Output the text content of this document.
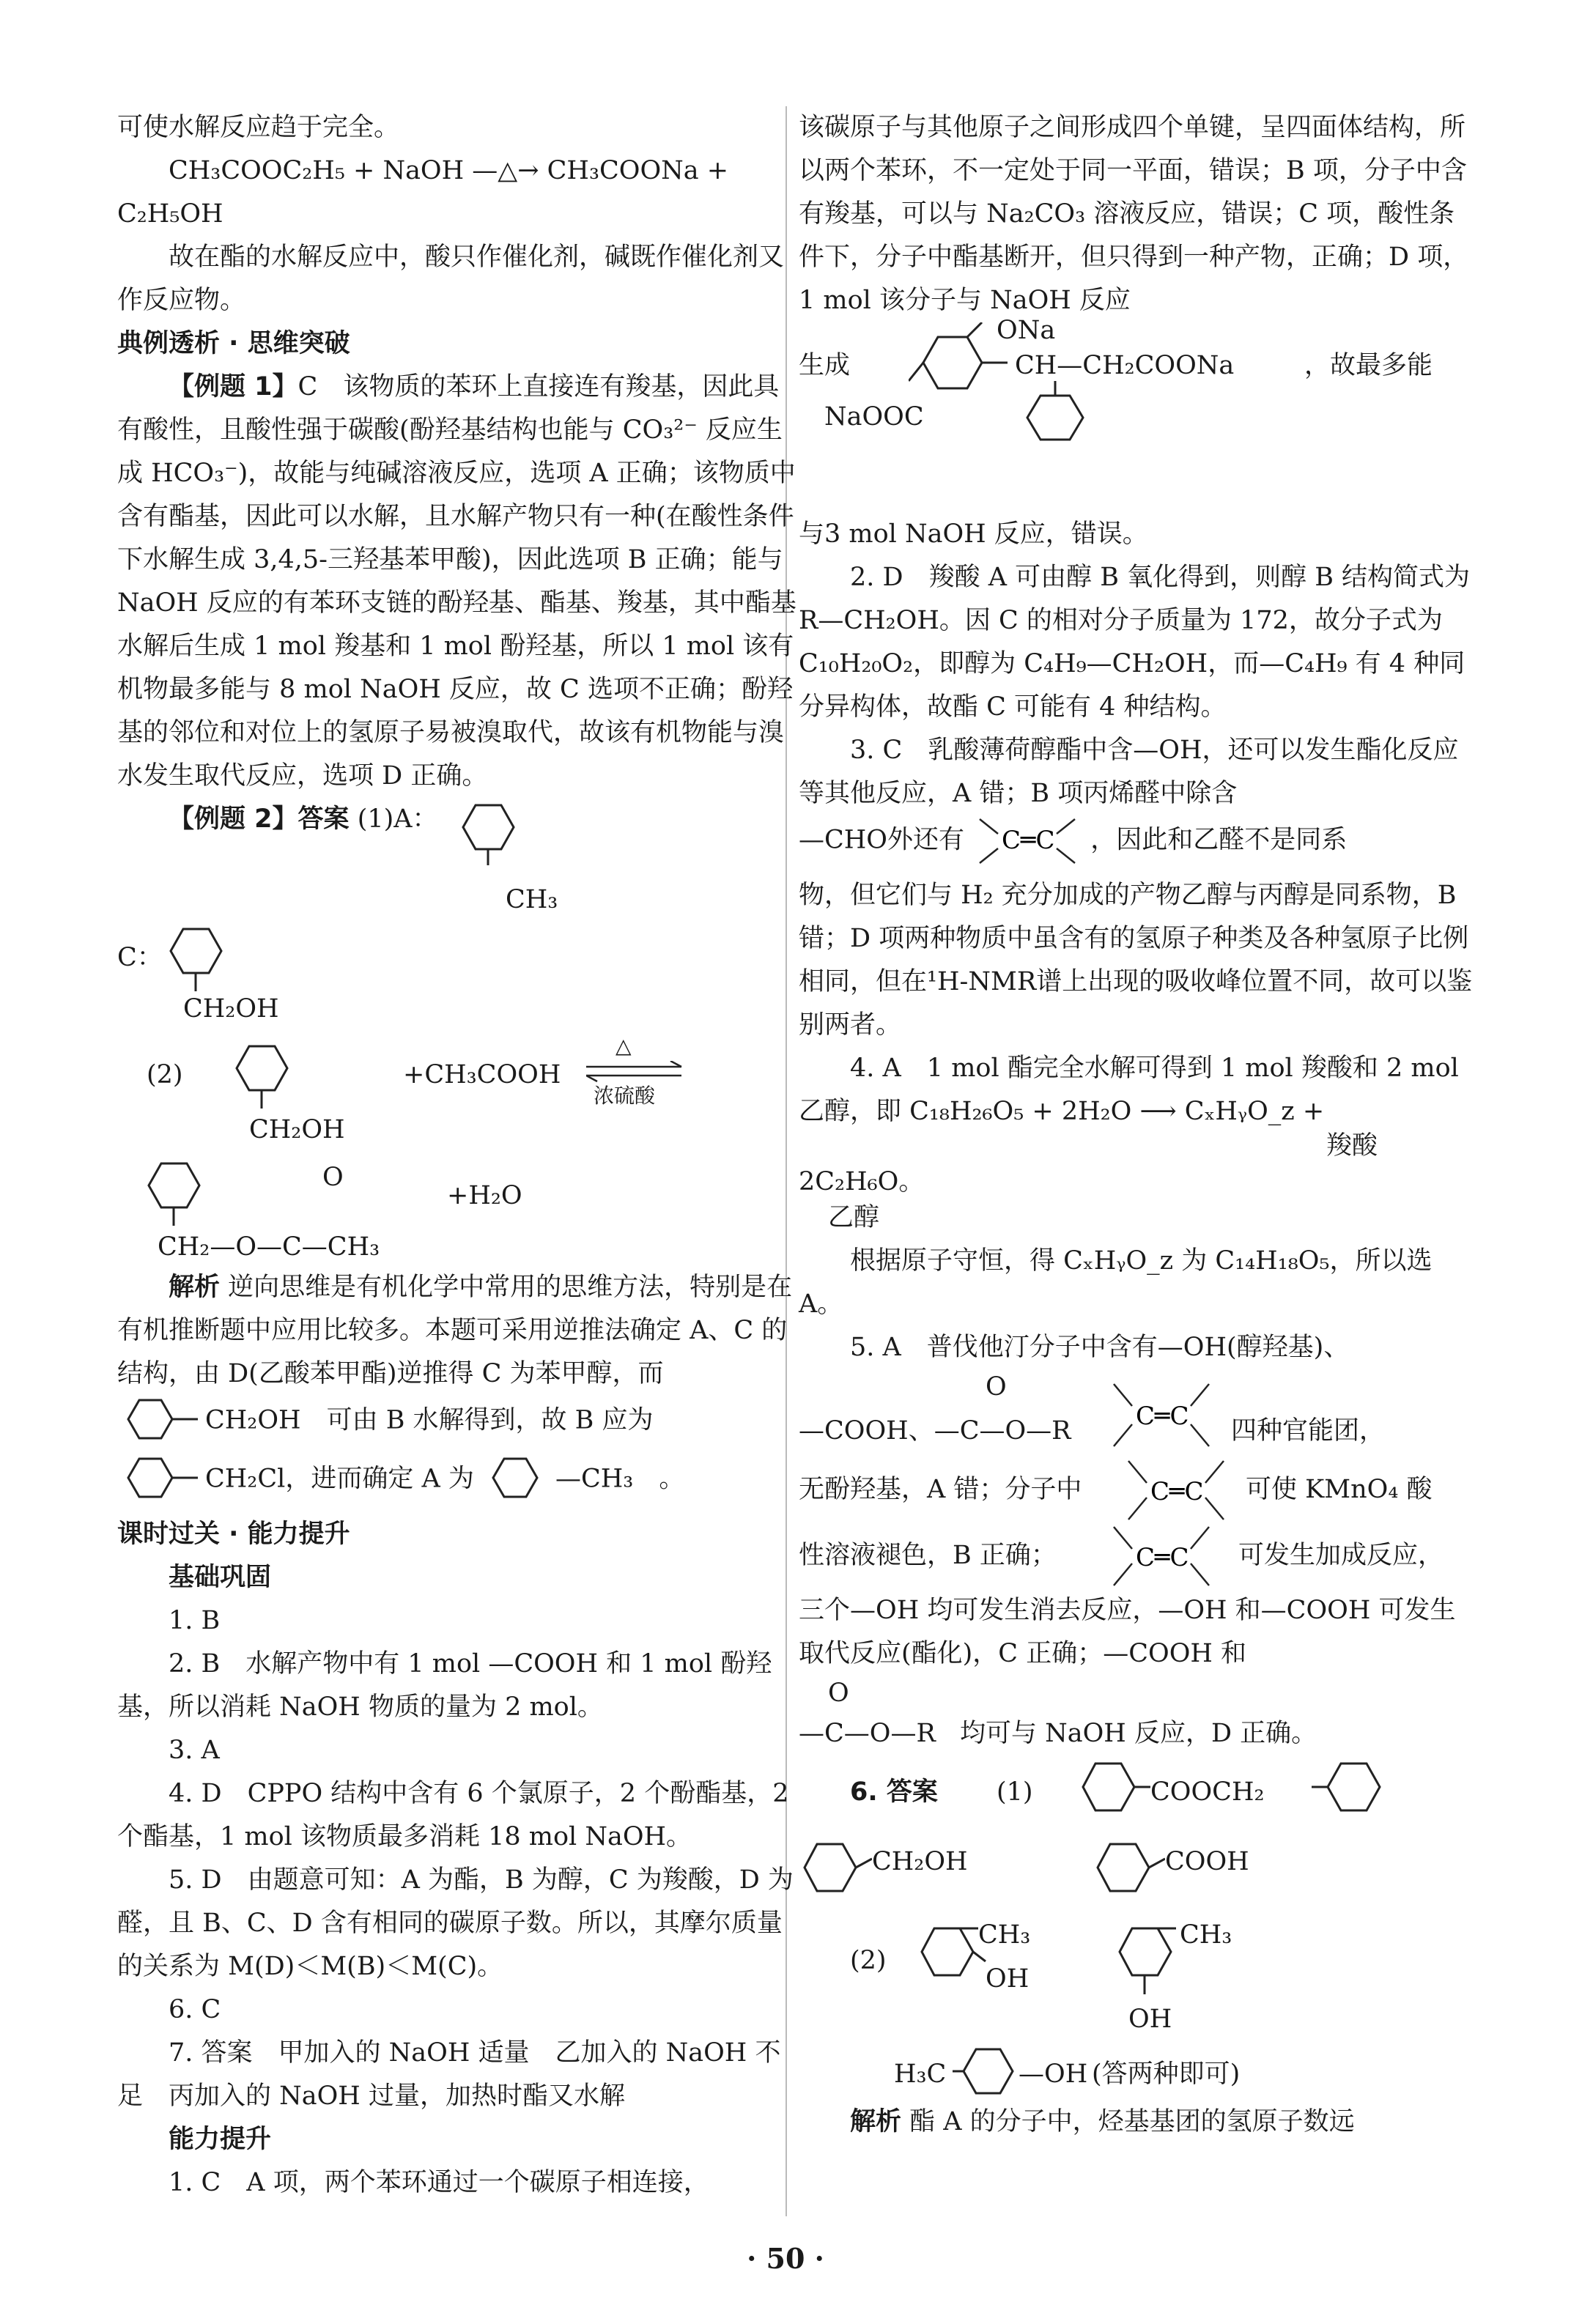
可使水解反应趋于完全。

CH₃COOC₂H₅ + NaOH —△→ CH₃COONa +

C₂H₅OH

故在酯的水解反应中，酸只作催化剂，碱既作催化剂又作反应物。

典例透析 · 思维突破

【例题 1】C　该物质的苯环上直接连有羧基，因此具有酸性，且酸性强于碳酸(酚羟基结构也能与 CO₃²⁻ 反应生成 HCO₃⁻)，故能与纯碱溶液反应，选项 A 正确；该物质中含有酯基，因此可以水解，且水解产物只有一种(在酸性条件下水解生成 3,4,5-三羟基苯甲酸)，因此选项 B 正确；能与 NaOH 反应的有苯环支链的酚羟基、酯基、羧基，其中酯基水解后生成 1 mol 羧基和 1 mol 酚羟基，所以 1 mol 该有机物最多能与 8 mol NaOH 反应，故 C 选项不正确；酚羟基的邻位和对位上的氢原子易被溴取代，故该有机物能与溴水发生取代反应，选项 D 正确。

【例题 2】答案 (1)A：

CH₃

C：
CH₂OH
(2)
CH₂OH
+CH₃COOH
△
浓硫酸
O
CH₂—O—C—CH₃
+H₂O

解析 逆向思维是有机化学中常用的思维方法，特别是在有机推断题中应用比较多。本题可采用逆推法确定 A、C 的结构，由 D(乙酸苯甲酯)逆推得 C 为苯甲醇，而

CH₂OH　 可由 B 水解得到，故 B 应为

CH₂Cl，进而确定 A 为	—CH₃　 。

课时过关 · 能力提升

基础巩固

1. B

2. B　水解产物中有 1 mol —COOH 和 1 mol 酚羟基，所以消耗 NaOH 物质的量为 2 mol。

3. A

4. D　CPPO 结构中含有 6 个氯原子，2 个酚酯基，2 个酯基，1 mol 该物质最多消耗 18 mol NaOH。

5. D　由题意可知：A 为酯，B 为醇，C 为羧酸，D 为醛，且 B、C、D 含有相同的碳原子数。所以，其摩尔质量的关系为 M(D)＜M(B)＜M(C)。

6. C

7. 答案　甲加入的 NaOH 适量　乙加入的 NaOH 不足　丙加入的 NaOH 过量，加热时酯又水解

能力提升

1. C　A 项，两个苯环通过一个碳原子相连接，

该碳原子与其他原子之间形成四个单键，呈四面体结构，所以两个苯环，不一定处于同一平面，错误；B 项，分子中含有羧基，可以与 Na₂CO₃ 溶液反应，错误；C 项，酸性条件下，分子中酯基断开，但只得到一种产物，正确；D 项，1 mol 该分子与 NaOH 反应

生成
ONa
CH—CH₂COONa
NaOOC
，故最多能

与3 mol NaOH 反应，错误。

2. D　羧酸 A 可由醇 B 氧化得到，则醇 B 结构简式为R—CH₂OH。因 C 的相对分子质量为 172，故分子式为 C₁₀H₂₀O₂，即醇为 C₄H₉—CH₂OH，而—C₄H₉ 有 4 种同分异构体，故酯 C 可能有 4 种结构。

3. C　乳酸薄荷醇酯中含—OH，还可以发生酯化反应等其他反应，A 错；B 项丙烯醛中除含

—CHO外还有 C═C ，因此和乙醛不是同系

物，但它们与 H₂ 充分加成的产物乙醇与丙醇是同系物，B 错；D 项两种物质中虽含有的氢原子种类及各种氢原子比例相同，但在¹H-NMR谱上出现的吸收峰位置不同，故可以鉴别两者。

4. A　1 mol 酯完全水解可得到 1 mol 羧酸和 2 mol 乙醇，即 C₁₈H₂₆O₅ + 2H₂O ⟶ CₓHᵧO_z +

羧酸

2C₂H₆O。

乙醇

根据原子守恒，得 CₓHᵧO_z 为 C₁₄H₁₈O₅，所以选 A。

5. A　普伐他汀分子中含有—OH(醇羟基)、

O
—COOH、—C—O—R	C═C 四种官能团，
无酚羟基，A 错；分子中	C═C 可使 KMnO₄ 酸
性溶液褪色，B 正确；	C═C 可发生加成反应，

三个—OH 均可发生消去反应，—OH 和—COOH 可发生取代反应(酯化)，C 正确；—COOH 和

O
—C—O—R 均可与 NaOH 反应，D 正确。
6. 答案 (1)	COOCH₂
CH₂OH	COOH
(2)
CH₃
OH
CH₃
OH
H₃C	—OH (答两种即可)

解析 酯 A 的分子中，烃基基团的氢原子数远

· 50 ·
